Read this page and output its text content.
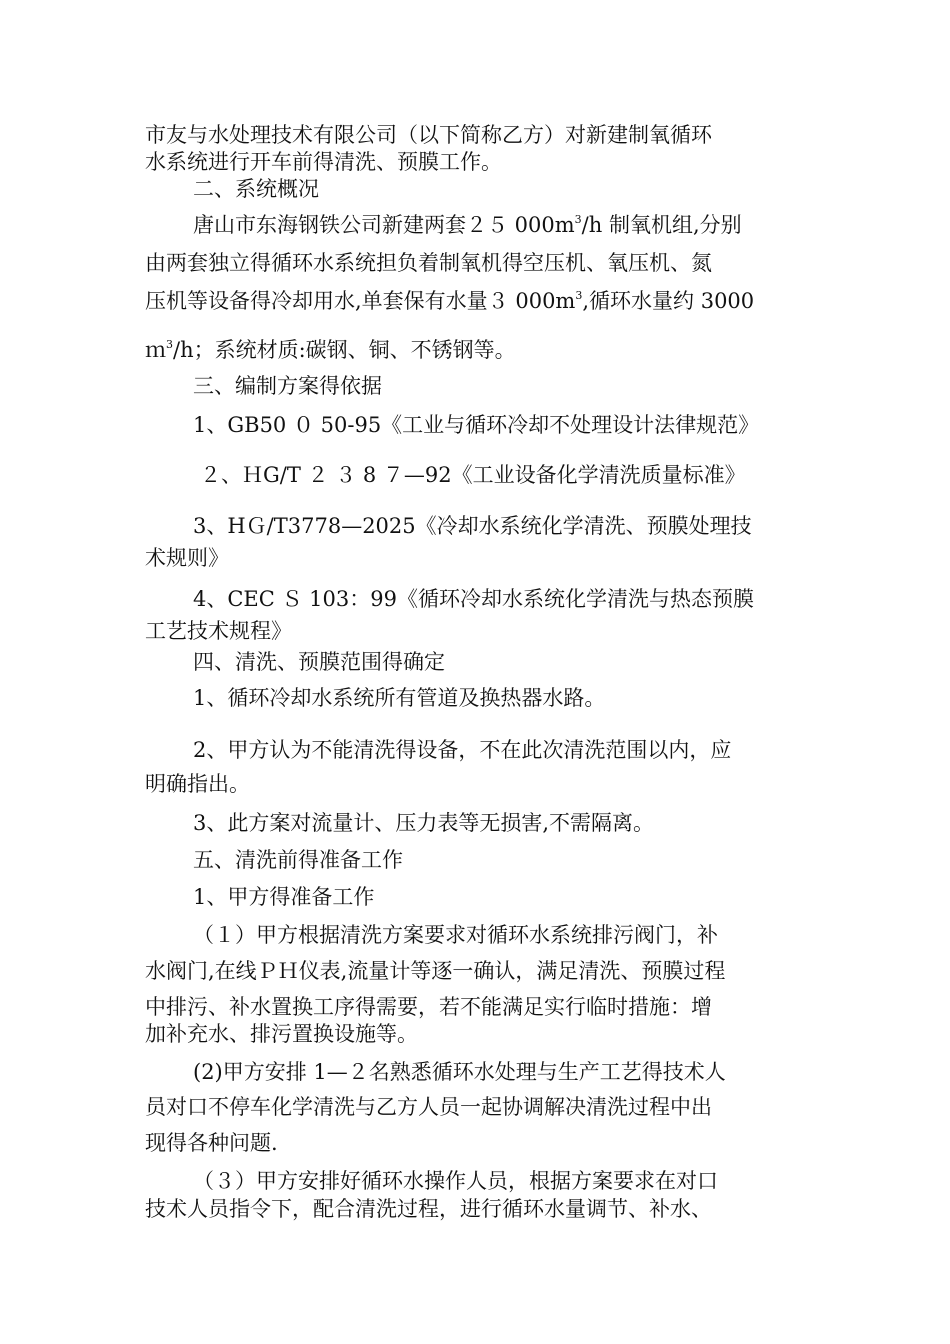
市友与水处理技术有限公司（以下简称乙方）对新建制氧循环

水系统进行开车前得清洗、预膜工作。

二、系统概况

唐山市东海钢铁公司新建两套２５ $000m^3/h$ 制氧机组,分别

由两套独立得循环水系统担负着制氧机得空压机、氧压机、氮

压机等设备得冷却用水,单套保有水量３ $000m^3$,循环水量约 3000

ｍ$^3$/h；系统材质:碳钢、铜、不锈钢等。

三、编制方案得依据

1、GB50 ０ 50-95《工业与循环冷却不处理设计法律规范》

２、ＨG/T ２ ３ 8 ７—92《工业设备化学清洗质量标准》

3、HＧ/T3778—2025《冷却水系统化学清洗、预膜处理技

术规则》

4、CEC Ｓ 103：99《循环冷却水系统化学清洗与热态预膜

工艺技术规程》

四、清洗、预膜范围得确定

1、循环冷却水系统所有管道及换热器水路。

2、甲方认为不能清洗得设备，不在此次清洗范围以内，应

明确指出。

3、此方案对流量计、压力表等无损害,不需隔离。

五、清洗前得准备工作

1、甲方得准备工作

（１）甲方根据清洗方案要求对循环水系统排污阀门，补

水阀门,在线ＰＨ仪表,流量计等逐一确认，满足清洗、预膜过程

中排污、补水置换工序得需要，若不能满足实行临时措施：增

加补充水、排污置换设施等。

(2)甲方安排 1—２名熟悉循环水处理与生产工艺得技术人

员对口不停车化学清洗与乙方人员一起协调解决清洗过程中出

现得各种问题.

（３）甲方安排好循环水操作人员，根据方案要求在对口

技术人员指令下，配合清洗过程，进行循环水量调节、补水、
